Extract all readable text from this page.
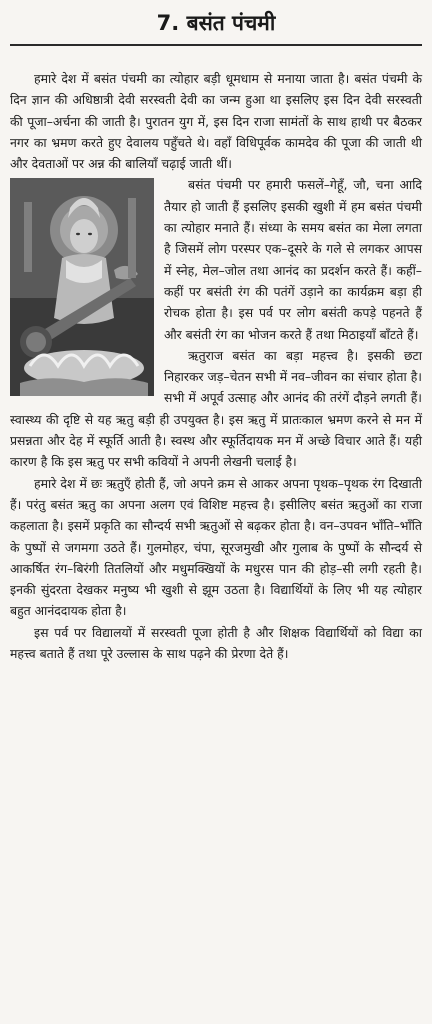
7. बसंत पंचमी

हमारे देश में बसंत पंचमी का त्योहार बड़ी धूमधाम से मनाया जाता है। बसंत पंचमी के दिन ज्ञान की अधिष्ठात्री देवी सरस्वती देवी का जन्म हुआ था इसलिए इस दिन देवी सरस्वती की पूजा–अर्चना की जाती है। पुरातन युग में, इस दिन राजा सामंतों के साथ हाथी पर बैठकर नगर का भ्रमण करते हुए देवालय पहुँचते थे। वहाँ विधिपूर्वक कामदेव की पूजा की जाती थी और देवताओं पर अन्न की बालियाँ चढ़ाई जाती थीं।

बसंत पंचमी पर हमारी फसलें–गेहूँ, जौ, चना आदि तैयार हो जाती हैं इसलिए इसकी खुशी में हम बसंत पंचमी का त्योहार मनाते हैं। संध्या के समय बसंत का मेला लगता है जिसमें लोग परस्पर एक–दूसरे के गले से लगकर आपस में स्नेह, मेल–जोल तथा आनंद का प्रदर्शन करते हैं। कहीं–कहीं पर बसंती रंग की पतंगें उड़ाने का कार्यक्रम बड़ा ही रोचक होता है। इस पर्व पर लोग बसंती कपड़े पहनते हैं और बसंती रंग का भोजन करते हैं तथा मिठाइयाँ बाँटते हैं।

ऋतुराज बसंत का बड़ा महत्त्व है। इसकी छटा निहारकर जड़–चेतन सभी में नव–जीवन का संचार होता है। सभी में अपूर्व उत्साह और आनंद की तरंगें दौड़ने लगती हैं। स्वास्थ्य की दृष्टि से यह ऋतु बड़ी ही उपयुक्त है। इस ऋतु में प्रातःकाल भ्रमण करने से मन में प्रसन्नता और देह में स्फूर्ति आती है। स्वस्थ और स्फूर्तिदायक मन में अच्छे विचार आते हैं। यही कारण है कि इस ऋतु पर सभी कवियों ने अपनी लेखनी चलाई है।

हमारे देश में छः ऋतुएँ होती हैं, जो अपने क्रम से आकर अपना पृथक–पृथक रंग दिखाती हैं। परंतु बसंत ऋतु का अपना अलग एवं विशिष्ट महत्त्व है। इसीलिए बसंत ऋतुओं का राजा कहलाता है। इसमें प्रकृति का सौन्दर्य सभी ऋतुओं से बढ़कर होता है। वन–उपवन भाँति–भाँति के पुष्पों से जगमगा उठते हैं। गुलमोहर, चंपा, सूरजमुखी और गुलाब के पुष्पों के सौन्दर्य से आकर्षित रंग–बिरंगी तितलियों और मधुमक्खियों के मधुरस पान की होड़–सी लगी रहती है। इनकी सुंदरता देखकर मनुष्य भी खुशी से झूम उठता है। विद्यार्थियों के लिए भी यह त्योहार बहुत आनंददायक होता है।

इस पर्व पर विद्यालयों में सरस्वती पूजा होती है और शिक्षक विद्यार्थियों को विद्या का महत्त्व बताते हैं तथा पूरे उल्लास के साथ पढ़ने की प्रेरणा देते हैं।
